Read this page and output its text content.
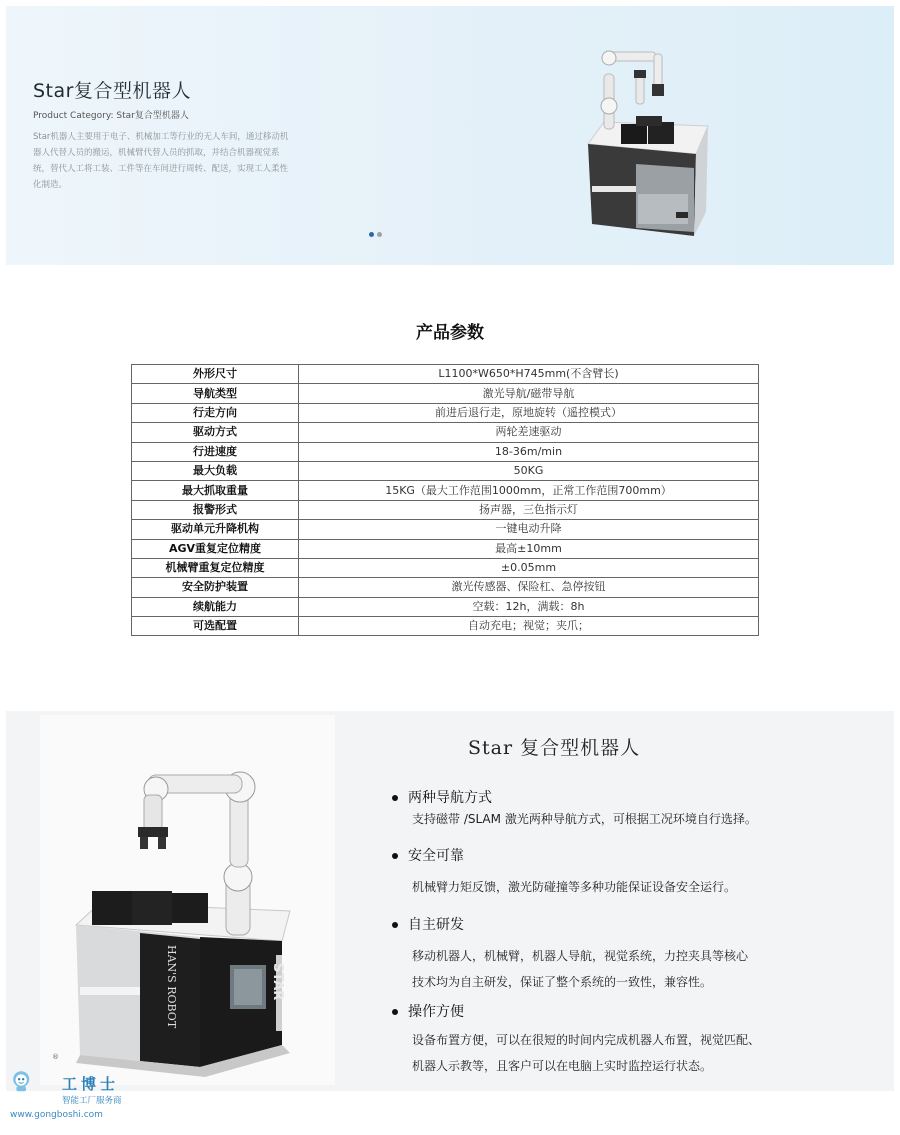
Star复合型机器人
Product Category: Star复合型机器人
Star机器人主要用于电子、机械加工等行业的无人车间，通过移动机器人代替人员的搬运，机械臂代替人员的抓取，并结合机器视觉系统，替代人工将工装、工件等在车间进行周转、配送，实现工人柔性化制造。
产品参数
外形尺寸	L1100*W650*H745mm(不含臂长)
导航类型	激光导航/磁带导航
行走方向	前进后退行走，原地旋转（遥控模式）
驱动方式	两轮差速驱动
行进速度	18-36m/min
最大负载	50KG
最大抓取重量	15KG（最大工作范围1000mm，正常工作范围700mm）
报警形式	扬声器，三色指示灯
驱动单元升降机构	一键电动升降
AGV重复定位精度	最高±10mm
机械臂重复定位精度	±0.05mm
安全防护装置	激光传感器、保险杠、急停按钮
续航能力	空载：12h，满载：8h
可选配置	自动充电；视觉；夹爪；
HAN'S ROBOT	STAR
Star 复合型机器人
两种导航方式
支持磁带 /SLAM 激光两种导航方式，可根据工况环境自行选择。
安全可靠
机械臂力矩反馈，激光防碰撞等多种功能保证设备安全运行。
自主研发
移动机器人，机械臂，机器人导航，视觉系统，力控夹具等核心
技术均为自主研发，保证了整个系统的一致性，兼容性。
操作方便
设备布置方便，可以在很短的时间内完成机器人布置，视觉匹配、
机器人示教等，且客户可以在电脑上实时监控运行状态。
®
工博士
智能工厂服务商
www.gongboshi.com
